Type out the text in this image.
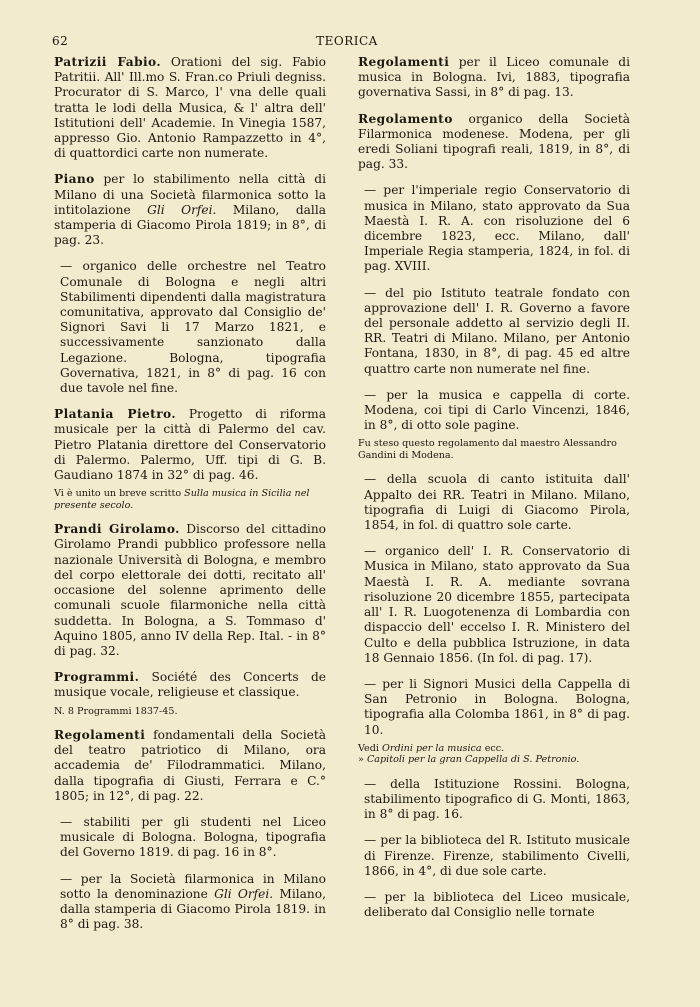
62	TEORICA

Patrizii Fabio. Orationi del sig. Fabio Patritii. All' Ill.mo S. Fran.co Priuli degniss. Procurator di S. Marco, l' vna delle quali tratta le lodi della Musica, & l' altra dell' Istitutioni dell' Academie. In Vinegia 1587, appresso Gio. Antonio Rampazzetto in 4°, di quattordici carte non numerate.

Piano per lo stabilimento nella città di Milano di una Società filarmonica sotto la intitolazione Gli Orfei. Milano, dalla stamperia di Giacomo Pirola 1819; in 8°, di pag. 23.

— organico delle orchestre nel Teatro Comunale di Bologna e negli altri Stabilimenti dipendenti dalla magistratura comunitativa, approvato dal Consiglio de' Signori Savi li 17 Marzo 1821, e successivamente sanzionato dalla Legazione. Bologna, tipografia Governativa, 1821, in 8° di pag. 16 con due tavole nel fine.

Platania Pietro. Progetto di riforma musicale per la città di Palermo del cav. Pietro Platania direttore del Conservatorio di Palermo. Palermo, Uff. tipi di G. B. Gaudiano 1874 in 32° di pag. 46.

Vi è unito un breve scritto Sulla musica in Sicilia nel presente secolo.

Prandi Girolamo. Discorso del cittadino Girolamo Prandi pubblico professore nella nazionale Università di Bologna, e membro del corpo elettorale dei dotti, recitato all' occasione del solenne aprimento delle comunali scuole filarmoniche nella città suddetta. In Bologna, a S. Tommaso d' Aquino 1805, anno IV della Rep. Ital. - in 8° di pag. 32.

Programmi. Société des Concerts de musique vocale, religieuse et classique.

N. 8 Programmi 1837-45.

Regolamenti fondamentali della Società del teatro patriotico di Milano, ora accademia de' Filodrammatici. Milano, dalla tipografia di Giusti, Ferrara e C.° 1805; in 12°, di pag. 22.

— stabiliti per gli studenti nel Liceo musicale di Bologna. Bologna, tipografia del Governo 1819. di pag. 16 in 8°.

— per la Società filarmonica in Milano sotto la denominazione Gli Orfei. Milano, dalla stamperia di Giacomo Pirola 1819. in 8° di pag. 38.

Regolamenti per il Liceo comunale di musica in Bologna. Ivi, 1883, tipografia governativa Sassi, in 8° di pag. 13.

Regolamento organico della Società Filarmonica modenese. Modena, per gli eredi Soliani tipografi reali, 1819, in 8°, di pag. 33.

— per l'imperiale regio Conservatorio di musica in Milano, stato approvato da Sua Maestà I. R. A. con risoluzione del 6 dicembre 1823, ecc. Milano, dall' Imperiale Regia stamperia, 1824, in fol. di pag. XVIII.

— del pio Istituto teatrale fondato con approvazione dell' I. R. Governo a favore del personale addetto al servizio degli II. RR. Teatri di Milano. Milano, per Antonio Fontana, 1830, in 8°, di pag. 45 ed altre quattro carte non numerate nel fine.

— per la musica e cappella di corte. Modena, coi tipi di Carlo Vincenzi, 1846, in 8°, di otto sole pagine.

Fu steso questo regolamento dal maestro Alessandro Gandini di Modena.

— della scuola di canto istituita dall' Appalto dei RR. Teatri in Milano. Milano, tipografia di Luigi di Giacomo Pirola, 1854, in fol. di quattro sole carte.

— organico dell' I. R. Conservatorio di Musica in Milano, stato approvato da Sua Maestà I. R. A. mediante sovrana risoluzione 20 dicembre 1855, partecipata all' I. R. Luogotenenza di Lombardia con dispaccio dell' eccelso I. R. Ministero del Culto e della pubblica Istruzione, in data 18 Gennaio 1856. (In fol. di pag. 17).

— per li Signori Musici della Cappella di San Petronio in Bologna. Bologna, tipografia alla Colomba 1861, in 8° di pag. 10.

Vedi Ordini per la musica ecc.
» Capitoli per la gran Cappella di S. Petronio.

— della Istituzione Rossini. Bologna, stabilimento tipografico di G. Monti, 1863, in 8° di pag. 16.

— per la biblioteca del R. Istituto musicale di Firenze. Firenze, stabilimento Civelli, 1866, in 4°, di due sole carte.

— per la biblioteca del Liceo musicale, deliberato dal Consiglio nelle tornate
